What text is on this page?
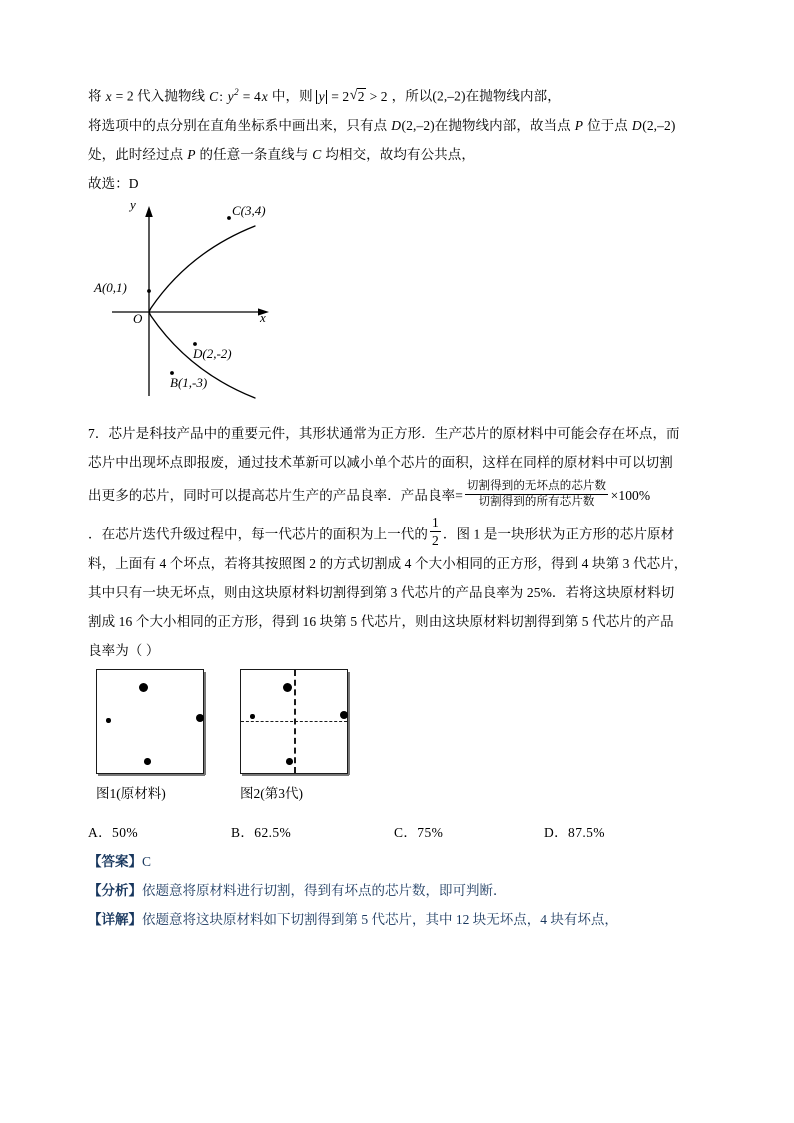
将 x = 2 代入抛物线 C: $y^2 = 4x$ 中，则 y = 2 √ 2 > 2 ，所以(2,–2)在抛物线内部，

将选项中的点分别在直角坐标系中画出来，只有点 D(2,–2)在抛物线内部，故当点 P 位于点 D(2,–2)

处，此时经过点 P 的任意一条直线与 C 均相交，故均有公共点，

故选：D

y
x
O
A(0,1)
C(3,4)
D(2,-2)
B(1,-3)

7．芯片是科技产品中的重要元件，其形状通常为正方形．生产芯片的原材料中可能会存在坏点，而

芯片中出现坏点即报废，通过技术革新可以减小单个芯片的面积，这样在同样的原材料中可以切割

出更多的芯片，同时可以提高芯片生产的产品良率．产品良率= $\frac{\text{切割得到的无坏点的芯片数}}{\text{切割得到的所有芯片数}} \times 100\%$

．在芯片迭代升级过程中，每一代芯片的面积为上一代的 $\frac{1}{2}$ ．图 1 是一块形状为正方形的芯片原材

料，上面有 4 个坏点，若将其按照图 2 的方式切割成 4 个大小相同的正方形，得到 4 块第 3 代芯片，

其中只有一块无坏点，则由这块原材料切割得到第 3 代芯片的产品良率为 25%．若将这块原材料切

割成 16 个大小相同的正方形，得到 16 块第 5 代芯片，则由这块原材料切割得到第 5 代芯片的产品

良率为（ ）

图1(原材料)	图2(第3代)
A．50%	B．62.5%	C．75%	D．87.5%

【答案】C

【分析】依题意将原材料进行切割，得到有坏点的芯片数，即可判断．

【详解】依题意将这块原材料如下切割得到第 5 代芯片，其中 12 块无坏点，4 块有坏点，
